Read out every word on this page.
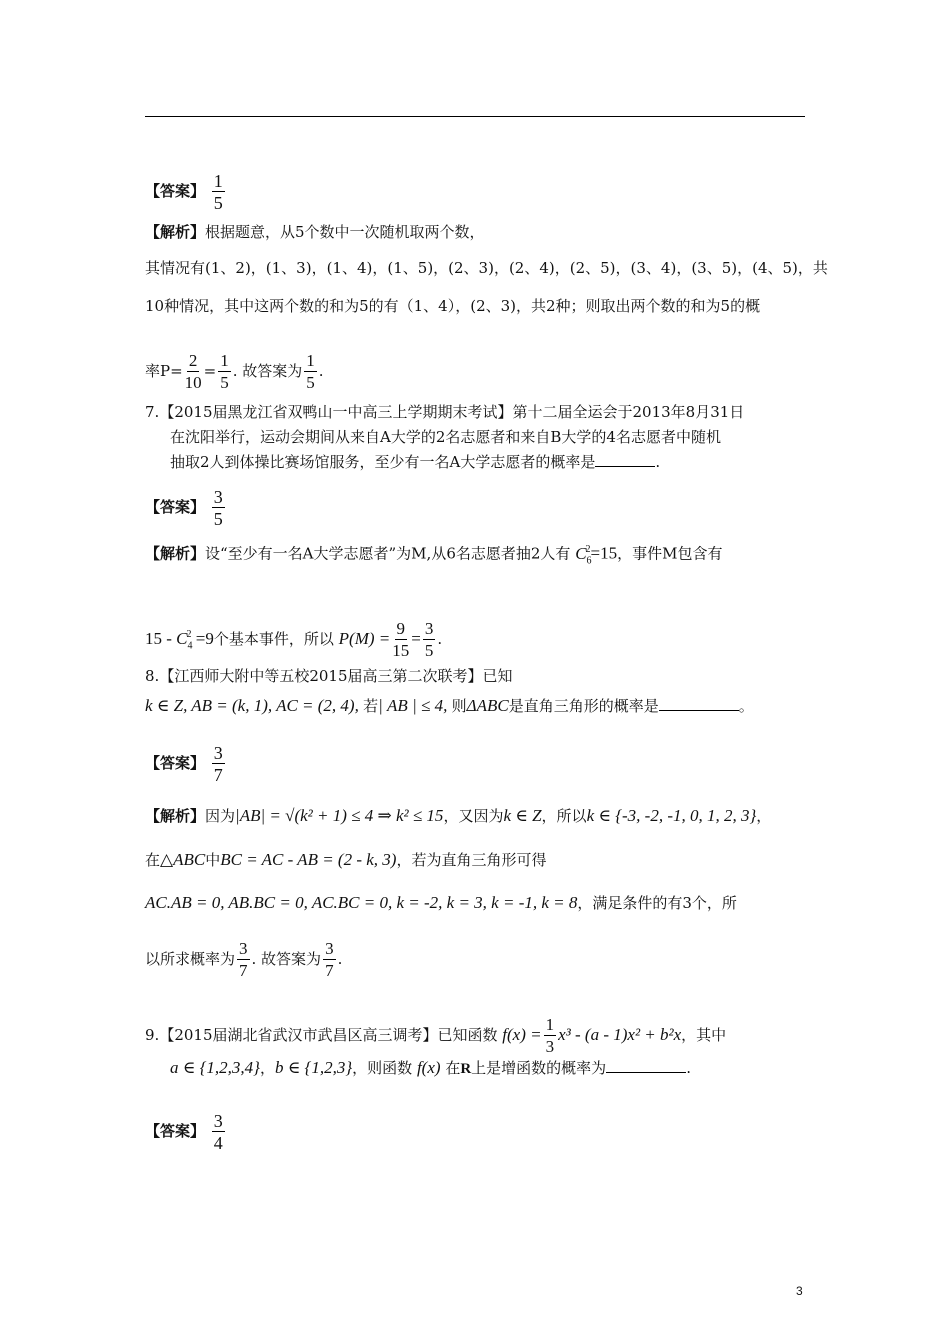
【答案】 $\frac{1}{5}$
【解析】根据题意，从5个数中一次随机取两个数，
其情况有(1、2)，(1、3)，(1、4)，(1、5)，(2、3)，(2、4)，(2、5)，(3、4)，(3、5)，(4、5)，共
10种情况，其中这两个数的和为5的有（1、4），(2、3)，共2种；则取出两个数的和为5的概
率$P= \frac{2}{10} = \frac{1}{5}$ . 故答案为 $\frac{1}{5}$ .
7.【2015届黑龙江省双鸭山一中高三上学期期末考试】第十二届全运会于2013年8月31日
在沈阳举行，运动会期间从来自A大学的2名志愿者和来自B大学的4名志愿者中随机
抽取2人到体操比赛场馆服务，至少有一名A大学志愿者的概率是	.
【答案】 $\frac{3}{5}$
【解析】设“至少有一名A大学志愿者”为M,从6名志愿者抽2人有 $C_6^2=15$，事件M包含有
$15 - C_4^2 =9$个基本事件，所以 $P(M) = \frac{9}{15} = \frac{3}{5}$ .
8.【江西师大附中等五校2015届高三第二次联考】已知
k ∈ Z, AB = (k, 1), AC = (2, 4), 若| AB | ≤ 4, 则ΔABC是直角三角形的概率是	。
【答案】 $\frac{3}{7}$
【解析】因为|AB| = √(k² + 1) ≤ 4 ⇒ k² ≤ 15，又因为k ∈ Z，所以k ∈ {-3, -2, -1, 0, 1, 2, 3}，
在△ABC中BC = AC - AB = (2 - k, 3)，若为直角三角形可得
AC.AB = 0, AB.BC = 0, AC.BC = 0, k = -2, k = 3, k = -1, k = 8，满足条件的有3个，所
以所求概率为 $\frac{3}{7}$ . 故答案为 $\frac{3}{7}$ .
9.【2015届湖北省武汉市武昌区高三调考】已知函数 $f(x) = \frac{1}{3} x^3 - (a - 1)x^2 + b^2x$，其中
a ∈ {1,2,3,4}，b ∈ {1,2,3}，则函数 f(x) 在R上是增函数的概率为	.
【答案】 $\frac{3}{4}$
3
